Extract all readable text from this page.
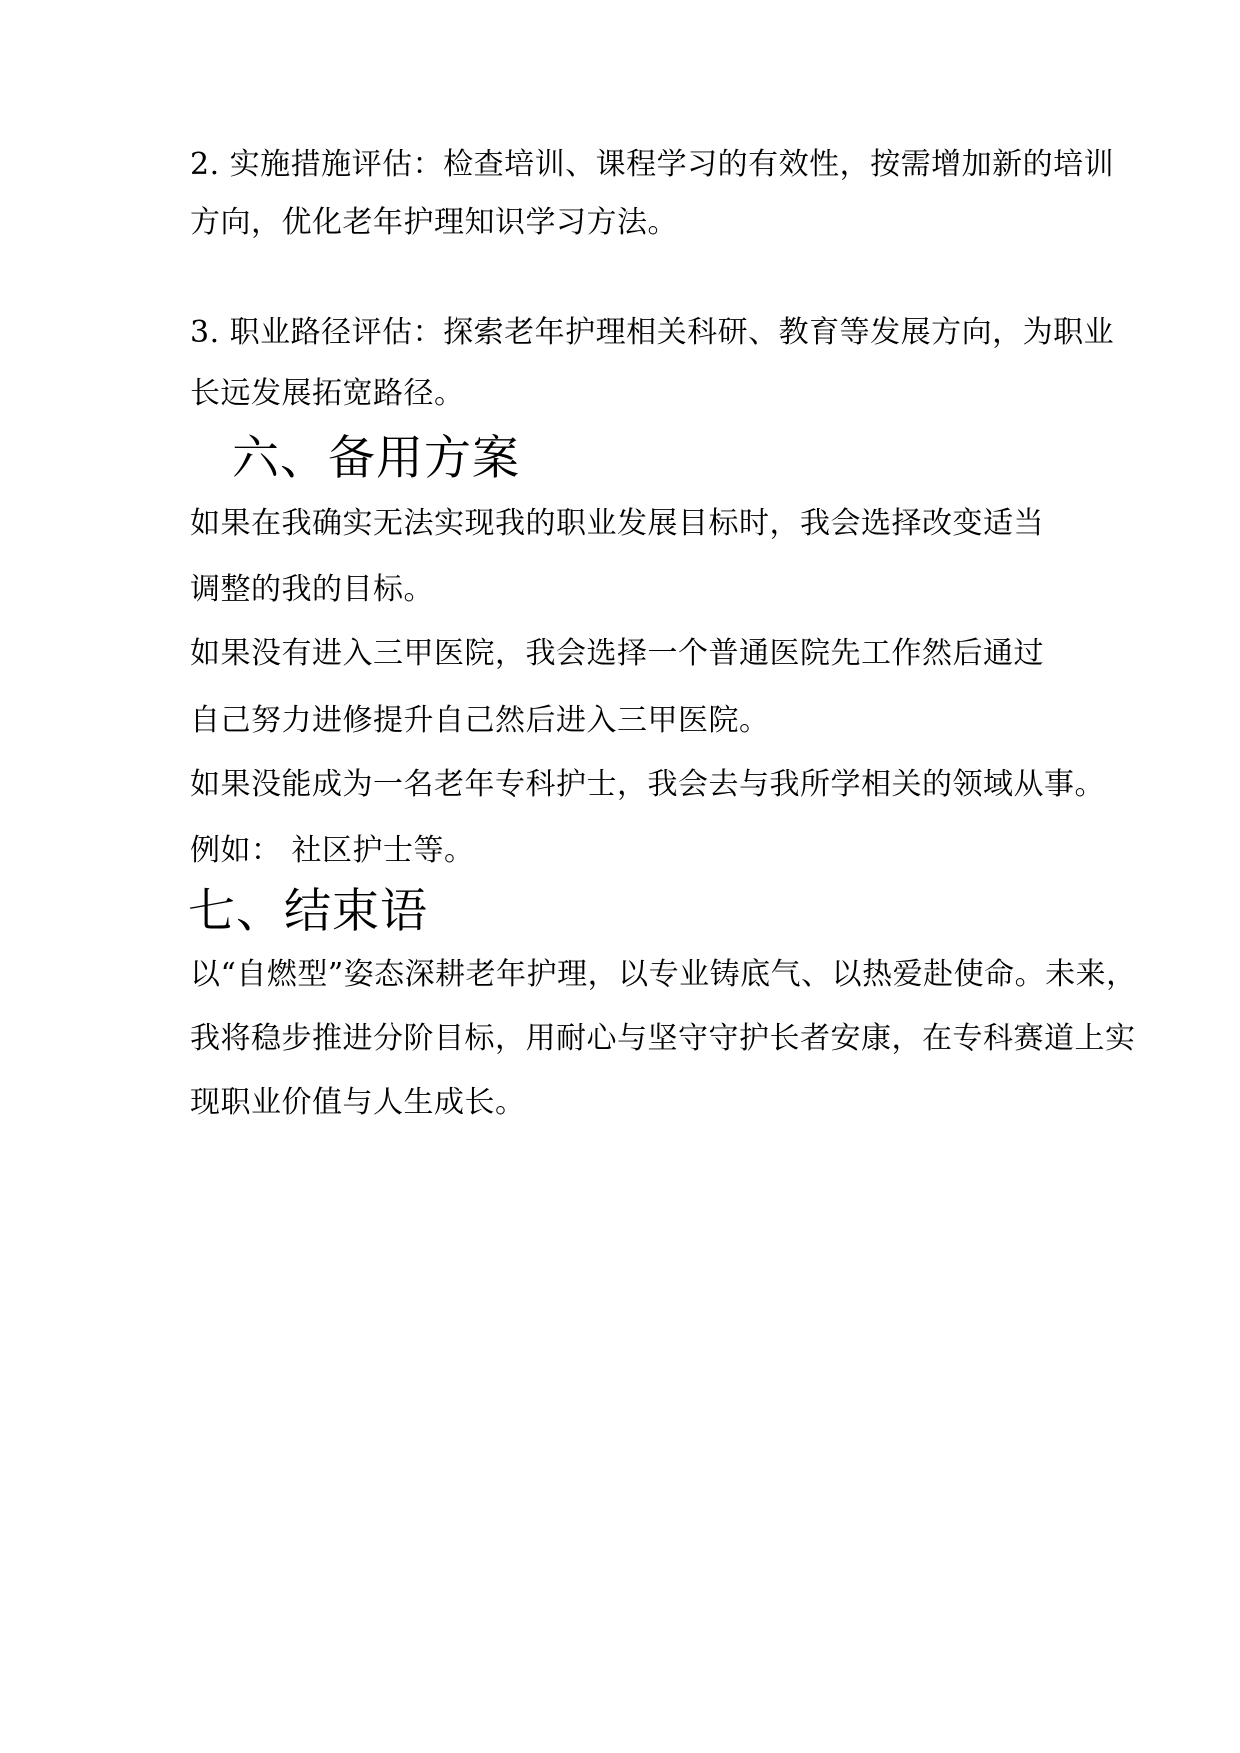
2. 实施措施评估：检查培训、课程学习的有效性，按需增加新的培训

方向，优化老年护理知识学习方法。

3. 职业路径评估：探索老年护理相关科研、教育等发展方向，为职业

长远发展拓宽路径。

六、备用方案

如果在我确实无法实现我的职业发展目标时，我会选择改变适当

调整的我的目标。

如果没有进入三甲医院，我会选择一个普通医院先工作然后通过

自己努力进修提升自己然后进入三甲医院。

如果没能成为一名老年专科护士，我会去与我所学相关的领域从事。

例如： 社区护士等。

七、结束语

以“自燃型”姿态深耕老年护理，以专业铸底气、以热爱赴使命。未来，

我将稳步推进分阶目标，用耐心与坚守守护长者安康，在专科赛道上实

现职业价值与人生成长。
